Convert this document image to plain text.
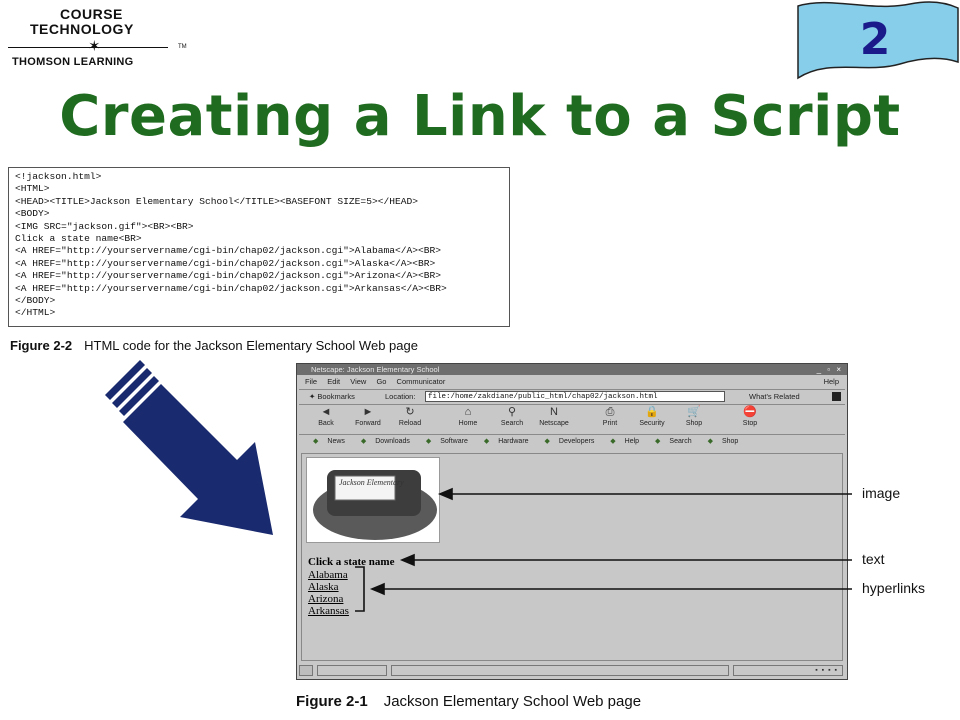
COURSE
TECHNOLOGY
✶	TM
THOMSON LEARNING	2
Creating a Link to a Script
<!jackson.html>
<HTML>
<HEAD><TITLE>Jackson Elementary School</TITLE><BASEFONT SIZE=5></HEAD>
<BODY>
<IMG SRC="jackson.gif"><BR><BR>
Click a state name<BR>
<A HREF="http://yourservername/cgi-bin/chap02/jackson.cgi">Alabama</A><BR>
<A HREF="http://yourservername/cgi-bin/chap02/jackson.cgi">Alaska</A><BR>
<A HREF="http://yourservername/cgi-bin/chap02/jackson.cgi">Arizona</A><BR>
<A HREF="http://yourservername/cgi-bin/chap02/jackson.cgi">Arkansas</A><BR>
</BODY>
</HTML>
Figure 2-2 HTML code for the Jackson Elementary School Web page
Netscape: Jackson Elementary School	_ ▫ ×
File Edit View Go Communicator	Help
✦ Bookmarks	Location:	file:/home/zakdiane/public_html/chap02/jackson.html	What's Related
◄
Back
►
Forward
↻
Reload
⌂
Home
⚲
Search
N
Netscape
⎙
Print
🔒
Security
🛒
Shop
⛔
Stop
◆ News ◆ Downloads ◆ Software ◆ Hardware ◆ Developers ◆ Help ◆ Search ◆ Shop
Jackson Elementary
Click a state name
Alabama
Alaska
Arizona
Arkansas
▪ ▪ ▪ ▪
image
text
hyperlinks
Figure 2-1 Jackson Elementary School Web page
